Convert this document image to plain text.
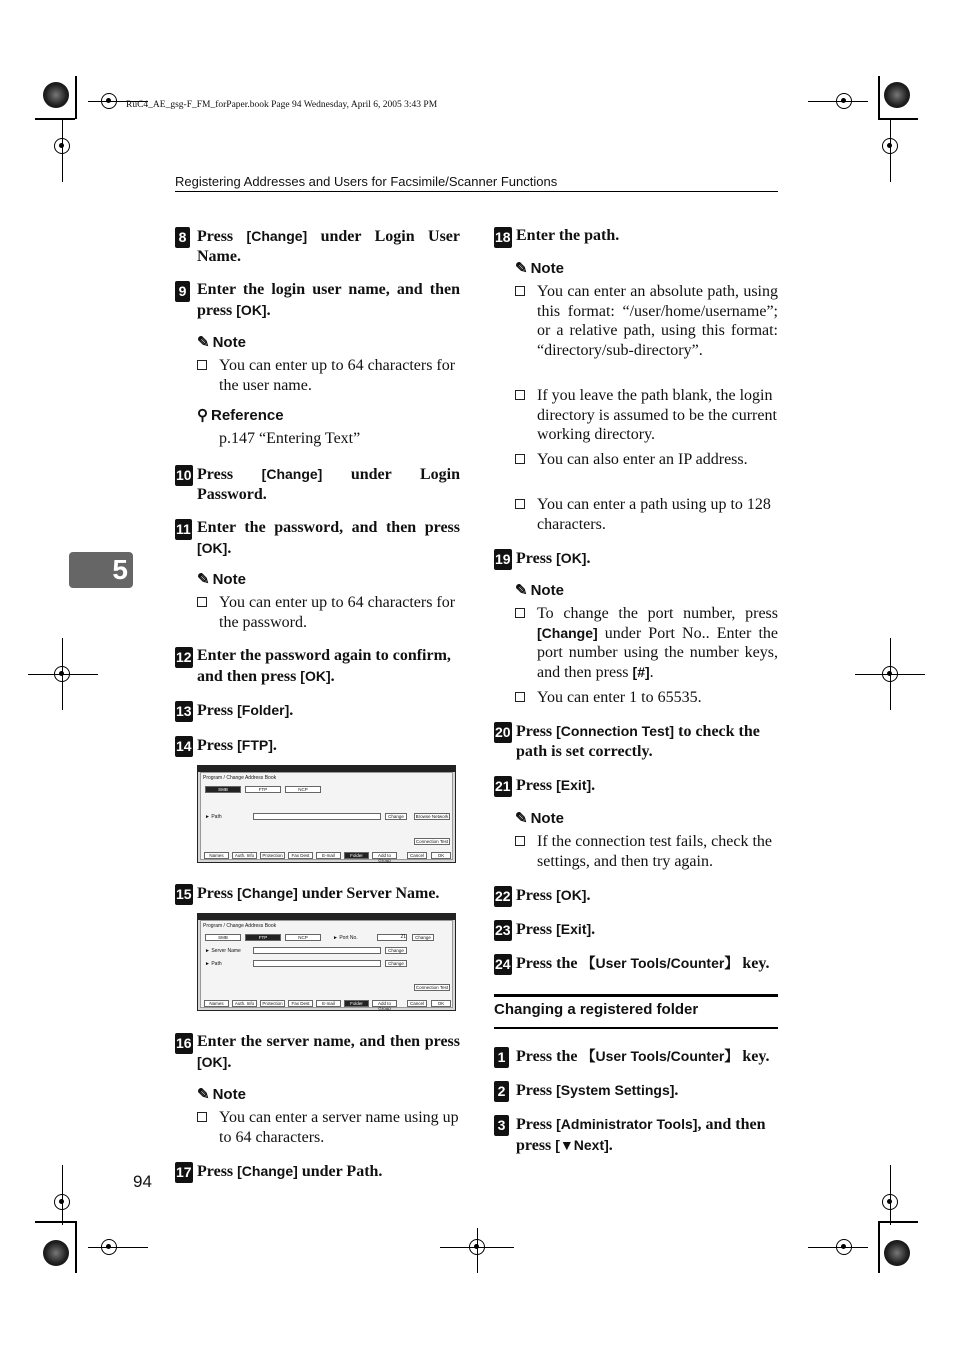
RuC4_AE_gsg-F_FM_forPaper.book Page 94 Wednesday, April 6, 2005 3:43 PM
Registering Addresses and Users for Facsimile/Scanner Functions
5
94
8 Press [Change] under Login User Name.
9 Enter the login user name, and then press [OK].
✎ Note
You can enter up to 64 characters for the user name.
⚲ Reference
p.147 “Entering Text”
10 Press [Change] under Login Password.
11 Enter the password, and then press [OK].
✎ Note
You can enter up to 64 characters for the password.
12 Enter the password again to confirm, and then press [OK].
13 Press [Folder].
14 Press [FTP].
Program / Change Address Book
SMB	FTP	NCP
► Path	Change	Browse Network
Connection Test
Names	Auth. Info	Protection	Fax Dest	E-mail	Folder	Add to Group
Cancel	OK
15 Press [Change] under Server Name.
Program / Change Address Book
SMB	FTP	NCP	► Port No.	21	Change
► Server Name	Change
► Path	Change
Connection Test
Names	Auth. Info	Protection	Fax Dest	E-mail	Folder	Add to Group
Cancel	OK
16 Enter the server name, and then press [OK].
✎ Note
You can enter a server name using up to 64 characters.
17 Press [Change] under Path.
18 Enter the path.
✎ Note
You can enter an absolute path, using this format: “/user/home/username”; or a relative path, using this format: “directory/sub-directory”.
If you leave the path blank, the login directory is assumed to be the current working directory.
You can also enter an IP address.
You can enter a path using up to 128 characters.
19 Press [OK].
✎ Note
To change the port number, press [Change] under Port No.. Enter the port number using the number keys, and then press [#].
You can enter 1 to 65535.
20 Press [Connection Test] to check the path is set correctly.
21 Press [Exit].
✎ Note
If the connection test fails, check the settings, and then try again.
22 Press [OK].
23 Press [Exit].
24 Press the 【User Tools/Counter】 key.
Changing a registered folder
1 Press the 【User Tools/Counter】 key.
2 Press [System Settings].
3 Press [Administrator Tools], and then press [▼Next].
